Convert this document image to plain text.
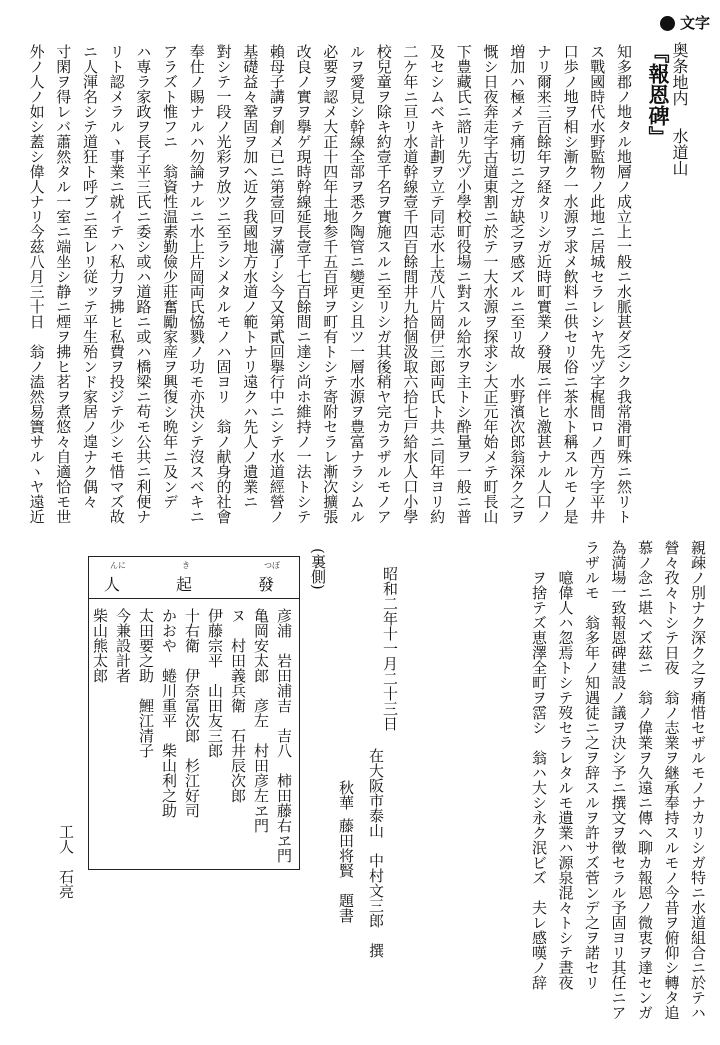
文字
奥条地内
水道山
『報恩碑』
知多郡ノ地タル地層ノ成立上一般ニ水脈甚ダ乏シク我常滑町殊ニ然リト
ス戰國時代水野監物ノ此地ニ居城セラレシヤ先ヅ字梶間ロノ西方字平井
口歩ノ地ヲ相シ漸ク一水源ヲ求メ飲料ニ供セリ俗ニ茶水ト稱スルモノ是
ナリ爾来三百餘年ヲ経タリシガ近時町實業ノ發展ニ伴ヒ激甚ナル人口ノ
増加ハ極メテ痛切ニ之ガ缺乏ヲ感ズルニ至リ故　水野濱次郎翁深ク之ヲ
慨シ日夜奔走字古道東割ニ於テ一大水源ヲ探求シ大正元年始メテ町長山
下豊藏氏ニ諮リ先ヅ小學校町役場ニ對スル給水ヲ主トシ酔量ヲ一般ニ普
及セシムベキ計劃ヲ立テ同志水上茂八片岡伊三郎両氏ト共ニ同年ヨリ約
二ケ年ニ亘リ水道幹線壹千四百餘間井九拾個汲取六拾七戸給水人口小學
校兒童ヲ除キ約壹千名ヲ實施スルニ至リシガ其後稍ヤ完カラザルモノア
ルヲ愛見シ幹線全部ヲ悉ク陶管ニ變更シ且ツ一層水源ヲ豊富ナラシムル
必要ヲ認メ大正十四年土地参千五百坪ヲ町有トシテ寄附セラレ漸次擴張
改良ノ實ヲ擧ゲ現時幹線延長壹千七百餘間ニ達シ尚ホ維持ノ一法トシテ
賴母子講ヲ創メ已ニ第壹回ヲ滿了シ今又第貳回擧行中ニシテ水道經營ノ
基礎益々鞏固ヲ加ヘ近ク我國地方水道ノ範トナリ遠クハ先人ノ遺業ニ
對シテ一段ノ光彩ヲ放ツニ至ラシメタルモノハ固ヨリ　翁ノ献身的社會
奉仕ノ賜ナルハ勿論ナルニ水上片岡両氏恊戮ノ功モ亦決シテ沒スベキニ
アラズト惟フニ　翁資性温素勤儉少莊奮勵家産ヲ興復シ晩年ニ及ンデ
ハ専ラ家政ヲ長子平三氏ニ委シ或ハ道路ニ或ハ橋梁ニ苟モ公共ニ利便ナ
リト認メラルヽ事業ニ就イテハ私力ヲ拂ヒ私費ヲ投ジテ少シモ惜マズ故
ニ人渾名シテ道狂ト呼ブニ至レリ従ッテ平生殆ンド家居ノ遑ナク偶々
寸閑ヲ得レバ蕭然タル一室ニ端坐シ静ニ煙ヲ拂ヒ茗ヲ煮悠々自適恰モ世
外ノ人ノ如シ蓋シ偉人ナリ今茲八月三十日　翁ノ溘然易簀サルヽヤ遠近
親疎ノ別ナク深ク之ヲ痛惜セザルモノナカリシガ特ニ水道組合ニ於テハ
營々孜々トシテ日夜　翁ノ志業ヲ継承奉持スルモノ今昔ヲ俯仰シ轉タ追
慕ノ念ニ堪ヘズ茲ニ　翁ノ偉業ヲ久遠ニ傳ヘ聊カ報恩ノ微衷ヲ達センガ
為満場一致報恩碑建設ノ議ヲ決シ予ニ撰文ヲ徵セラル予固ヨリ其任ニア
ラザルモ　翁多年ノ知遇徒ニ之ヲ辞スルヲ許サズ菅ンデ之ヲ諾セリ
　　噫偉人ハ忽焉トシテ歿セラレタルモ遺業ハ源泉混々トシテ晝夜
　　ヲ捨テズ恵澤全町ヲ霑シ　翁ハ大シ永ク泯ビズ　夫レ感嘆ノ辞
昭和二年十一月二十三日
在大阪市
泰山　中村文三郎　撰
秋華
藤田将賢　題書
(裏側)
つぼ
發
き
起
んに
人
彦浦　岩田浦吉　吉八　柿田藤右ヱ門
亀岡安太郎　彦左　村田彦左ヱ門
ヌ　村田義兵衛　石井辰次郎
伊藤宗平　山田友三郎
十右衛　伊奈冨次郎　杉江好司
かおや　蜷川重平　柴山利之助
太田要之助　鯉江清子
今兼設計者
柴山熊太郎
工人　石亮
